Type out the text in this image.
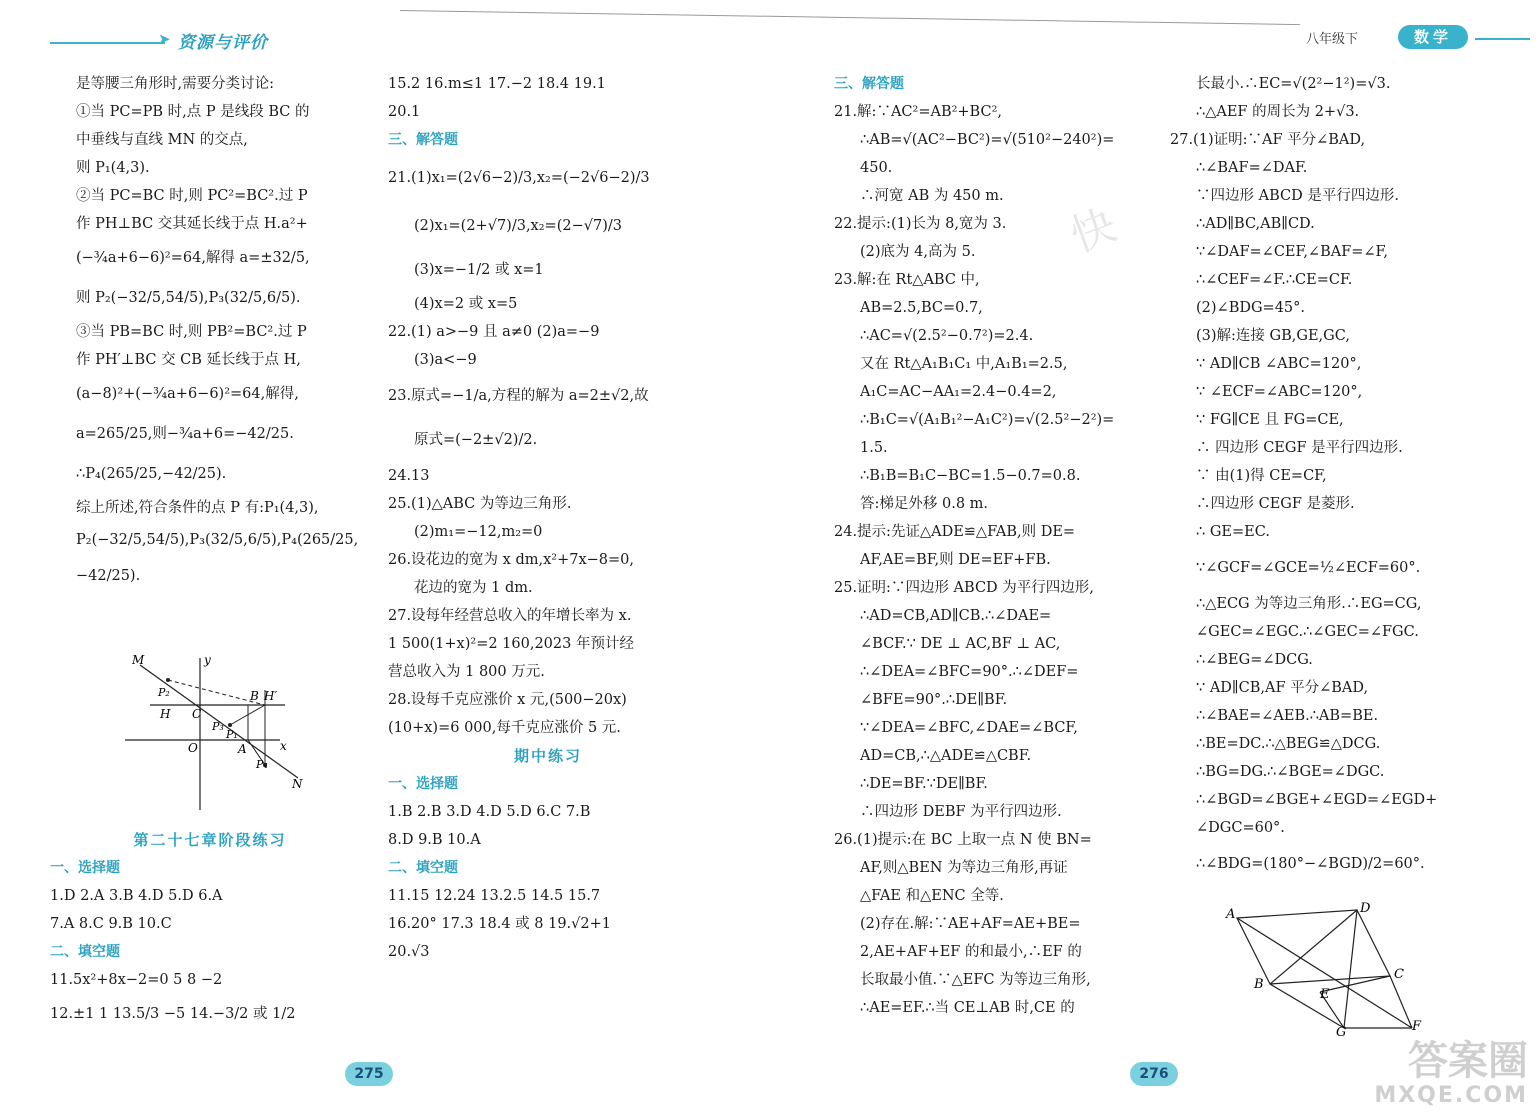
➤ 资源与评价	八年级下	数学
快
是等腰三角形时,需要分类讨论:
①当 PC=PB 时,点 P 是线段 BC 的
中垂线与直线 MN 的交点,
则 P₁(4,3).
②当 PC=BC 时,则 PC²=BC².过 P
作 PH⊥BC 交其延长线于点 H.a²+
(−¾a+6−6)²=64,解得 a=±32/5,
则 P₂(−32/5,54/5),P₃(32/5,6/5).
③当 PB=BC 时,则 PB²=BC².过 P
作 PH′⊥BC 交 CB 延长线于点 H,
(a−8)²+(−¾a+6−6)²=64,解得,
a=265/25,则−¾a+6=−42/25.
∴P₄(265/25,−42/25).
综上所述,符合条件的点 P 有:P₁(4,3),
P₂(−32/5,54/5),P₃(32/5,6/5),P₄(265/25,
−42/25).
M	y
B H′
P₂
H C
P₃
P₁
O	A	x
P₄
N
第二十七章阶段练习
一、选择题
1.D 2.A 3.B 4.D 5.D 6.A
7.A 8.C 9.B 10.C
二、填空题
11.5x²+8x−2=0 5 8 −2
12.±1 1 13.5/3 −5 14.−3/2 或 1/2
15.2 16.m≤1 17.−2 18.4 19.1
20.1
三、解答题
21.(1)x₁=(2√6−2)/3,x₂=(−2√6−2)/3
(2)x₁=(2+√7)/3,x₂=(2−√7)/3
(3)x=−1/2 或 x=1
(4)x=2 或 x=5
22.(1) a>−9 且 a≠0 (2)a=−9
(3)a<−9
23.原式=−1/a,方程的解为 a=2±√2,故
原式=(−2±√2)/2.
24.13
25.(1)△ABC 为等边三角形.
(2)m₁=−12,m₂=0
26.设花边的宽为 x dm,x²+7x−8=0,
花边的宽为 1 dm.
27.设每年经营总收入的年增长率为 x.
1 500(1+x)²=2 160,2023 年预计经
营总收入为 1 800 万元.
28.设每千克应涨价 x 元,(500−20x)
(10+x)=6 000,每千克应涨价 5 元.
期中练习
一、选择题
1.B 2.B 3.D 4.D 5.D 6.C 7.B
8.D 9.B 10.A
二、填空题
11.15 12.24 13.2.5 14.5 15.7
16.20° 17.3 18.4 或 8 19.√2+1
20.√3
三、解答题
21.解:∵AC²=AB²+BC²,
∴AB=√(AC²−BC²)=√(510²−240²)=
450.
∴河宽 AB 为 450 m.
22.提示:(1)长为 8,宽为 3.
(2)底为 4,高为 5.
23.解:在 Rt△ABC 中,
AB=2.5,BC=0.7,
∴AC=√(2.5²−0.7²)=2.4.
又在 Rt△A₁B₁C₁ 中,A₁B₁=2.5,
A₁C=AC−AA₁=2.4−0.4=2,
∴B₁C=√(A₁B₁²−A₁C²)=√(2.5²−2²)=
1.5.
∴B₁B=B₁C−BC=1.5−0.7=0.8.
答:梯足外移 0.8 m.
24.提示:先证△ADE≌△FAB,则 DE=
AF,AE=BF,则 DE=EF+FB.
25.证明:∵四边形 ABCD 为平行四边形,
∴AD=CB,AD∥CB.∴∠DAE=
∠BCF.∵ DE ⊥ AC,BF ⊥ AC,
∴∠DEA=∠BFC=90°.∴∠DEF=
∠BFE=90°.∴DE∥BF.
∵∠DEA=∠BFC,∠DAE=∠BCF,
AD=CB,∴△ADE≌△CBF.
∴DE=BF.∵DE∥BF.
∴四边形 DEBF 为平行四边形.
26.(1)提示:在 BC 上取一点 N 使 BN=
AF,则△BEN 为等边三角形,再证
△FAE 和△ENC 全等.
(2)存在.解:∵AE+AF=AE+BE=
2,AE+AF+EF 的和最小,∴EF 的
长取最小值.∵△EFC 为等边三角形,
∴AE=EF.∴当 CE⊥AB 时,CE 的
长最小.∴EC=√(2²−1²)=√3.
∴△AEF 的周长为 2+√3.
27.(1)证明:∵AF 平分∠BAD,
∴∠BAF=∠DAF.
∵四边形 ABCD 是平行四边形.
∴AD∥BC,AB∥CD.
∵∠DAF=∠CEF,∠BAF=∠F,
∴∠CEF=∠F.∴CE=CF.
(2)∠BDG=45°.
(3)解:连接 GB,GE,GC,
∵ AD∥CB ∠ABC=120°,
∵ ∠ECF=∠ABC=120°,
∵ FG∥CE 且 FG=CE,
∴ 四边形 CEGF 是平行四边形.
∵ 由(1)得 CE=CF,
∴四边形 CEGF 是菱形.
∴ GE=EC.
∵∠GCF=∠GCE=½∠ECF=60°.
∴△ECG 为等边三角形.∴EG=CG,
∠GEC=∠EGC.∴∠GEC=∠FGC.
∴∠BEG=∠DCG.
∵ AD∥CB,AF 平分∠BAD,
∴∠BAE=∠AEB.∴AB=BE.
∴BE=DC.∴△BEG≌△DCG.
∴BG=DG.∴∠BGE=∠DGC.
∴∠BGD=∠BGE+∠EGD=∠EGD+
∠DGC=60°.
∴∠BDG=(180°−∠BGD)/2=60°.
A	D
B
C
E
G	F
275	276	答案圈
MXQE.COM
